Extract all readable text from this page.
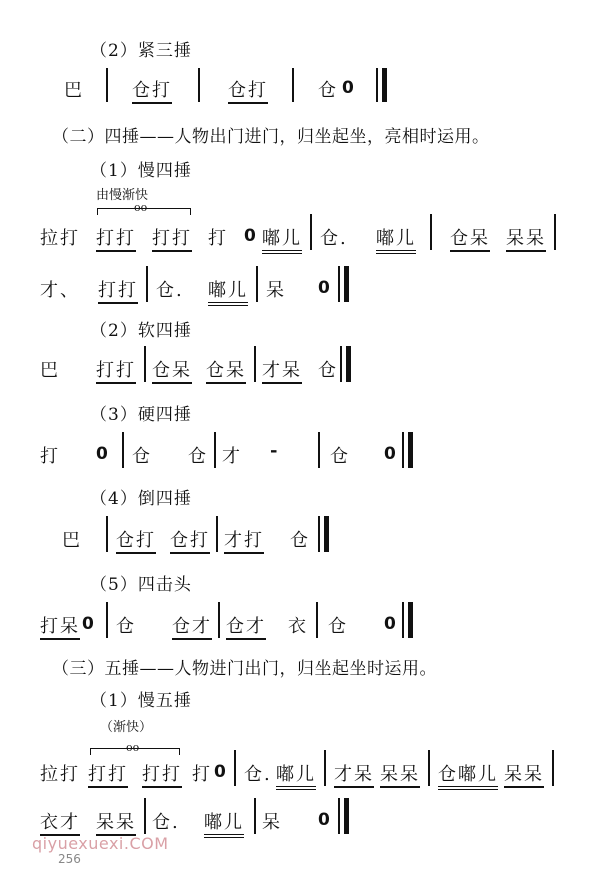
（2）紧三捶
巴	仓打	仓打	仓 0
（二）四捶——人物出门进门，归坐起坐，亮相时运用。
（1）慢四捶
由慢渐快
oo
拉打 打打 打打 打 0 嘟儿 仓. 嘟儿 仓呆 呆呆
才、 打打 仓. 嘟儿 呆 0
（2）软四捶
巴 打打 仓呆 仓呆 才呆 仓
（3）硬四捶
打 0 仓 仓 才 -	仓 0
（4）倒四捶
巴 仓打 仓打 才打 仓
（5）四击头
打呆 0 仓 仓才 仓才 衣 仓 0
（三）五捶——人物进门出门，归坐起坐时运用。
（1）慢五捶
（渐快）
oo
拉打 打打 打打 打 0 仓. 嘟儿 才呆 呆呆 仓嘟儿 呆呆
衣才 呆呆 仓. 嘟儿 呆 0
256
qiyuexuexi.COM
